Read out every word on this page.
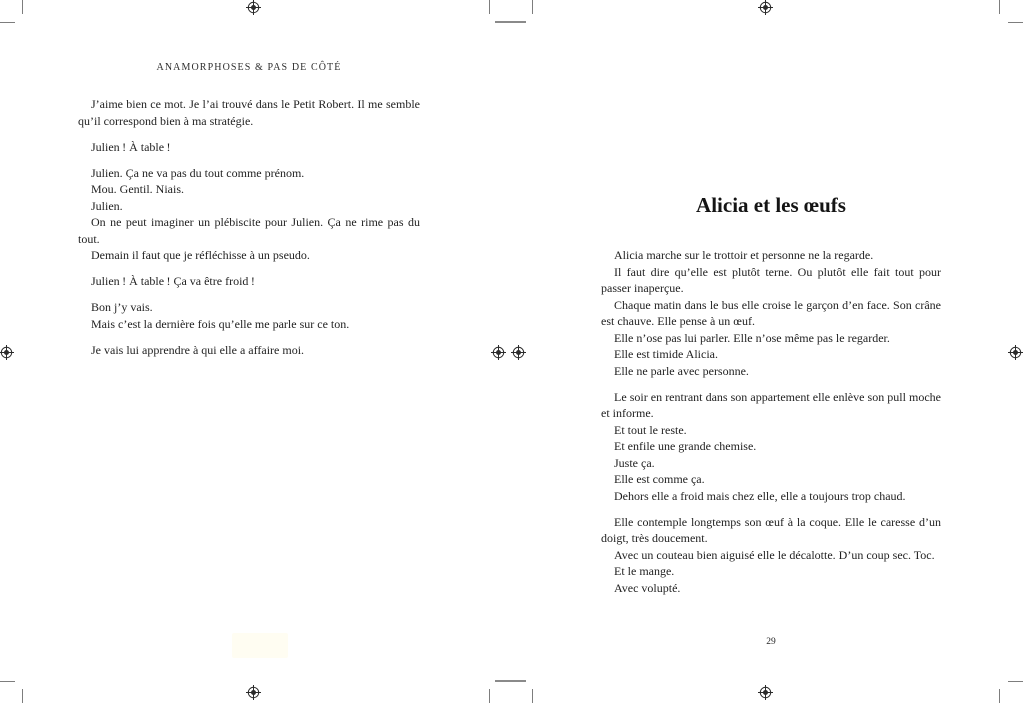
ANAMORPHOSES & PAS DE CÔTÉ

J’aime bien ce mot. Je l’ai trouvé dans le Petit Robert. Il me semble qu’il correspond bien à ma stratégie.

Julien ! À table !

Julien. Ça ne va pas du tout comme prénom.

Mou. Gentil. Niais.

Julien.

On ne peut imaginer un plébiscite pour Julien. Ça ne rime pas du tout.

Demain il faut que je réfléchisse à un pseudo.

Julien ! À table ! Ça va être froid !

Bon j’y vais.

Mais c’est la dernière fois qu’elle me parle sur ce ton.

Je vais lui apprendre à qui elle a affaire moi.

Alicia et les œufs

Alicia marche sur le trottoir et personne ne la regarde.

Il faut dire qu’elle est plutôt terne. Ou plutôt elle fait tout pour passer inaperçue.

Chaque matin dans le bus elle croise le garçon d’en face. Son crâne est chauve. Elle pense à un œuf.

Elle n’ose pas lui parler. Elle n’ose même pas le regarder.

Elle est timide Alicia.

Elle ne parle avec personne.

Le soir en rentrant dans son appartement elle enlève son pull moche et informe.

Et tout le reste.

Et enfile une grande chemise.

Juste ça.

Elle est comme ça.

Dehors elle a froid mais chez elle, elle a toujours trop chaud.

Elle contemple longtemps son œuf à la coque. Elle le caresse d’un doigt, très doucement.

Avec un couteau bien aiguisé elle le décalotte. D’un coup sec. Toc.

Et le mange.

Avec volupté.

29
